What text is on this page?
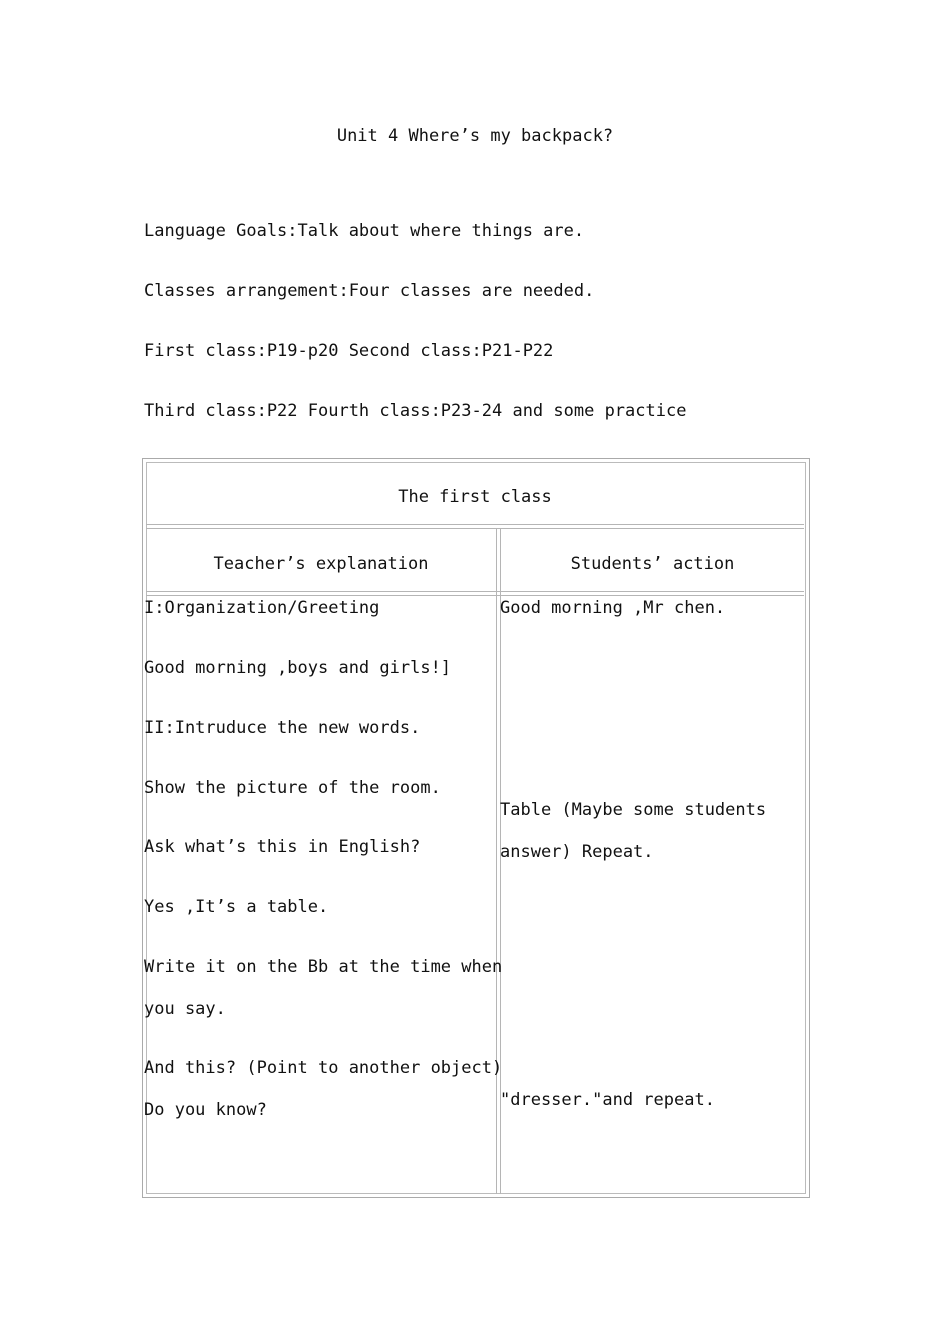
Unit 4 Where’s my backpack?
Language Goals:Talk about where things are.
Classes arrangement:Four classes are needed.
First class:P19-p20 Second class:P21-P22
Third class:P22 Fourth class:P23-24 and some practice
The first class
Teacher’s explanation	Students’ action
I:Organization/Greeting
Good morning ,boys and girls!]
II:Intruduce the new words.
Show the picture of the room.
Ask what’s this in English?
Yes ,It’s a table.
Write it on the Bb at the time when
you say.
And this? (Point to another object)
Do you know?
Good morning ,Mr chen.
Table (Maybe some students
answer) Repeat.
"dresser."and repeat.
